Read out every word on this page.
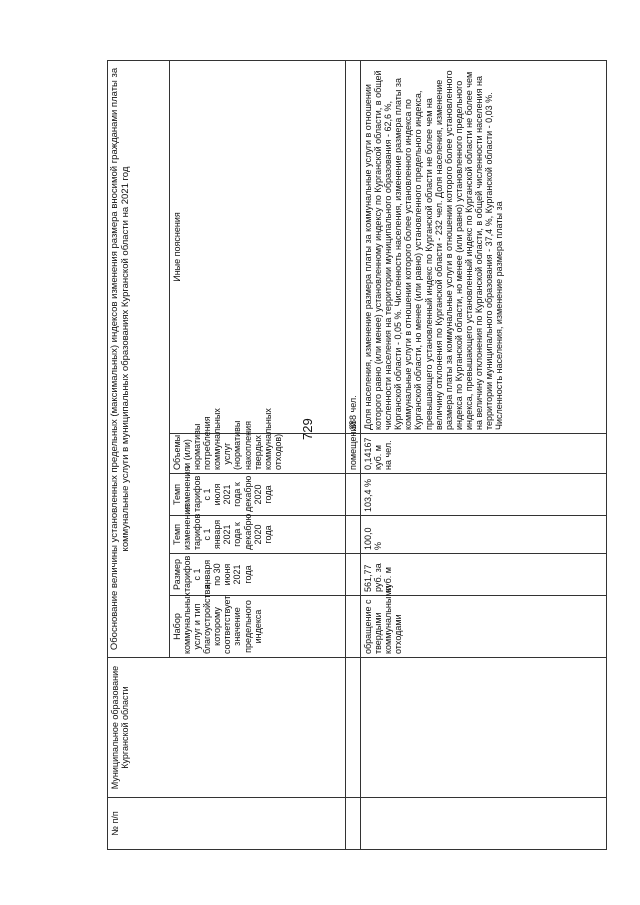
729
№ п/п	Муниципальное образование Курганской области	Обоснование величины установленных предельных (максимальных) индексов изменения размера вносимой гражданами платы за коммунальные услуги в муниципальных образованиях Курганской области на 2021 год					
		Набор коммунальных услуг и тип благоустройства, которому соответствует значение предельного индекса	Размер тарифов с 1 января по 30 июня 2021 года	Темп изменения тарифов с 1 января 2021 года к декабрю 2020 года	Темп изменения тарифов с 1 июля 2021 года к декабрю 2020 года	Объемы и (или) нормативы потребления коммунальных услуг (нормативы накопления твердых коммунальных отходов)	Иные пояснения
						помещений	388 чел.
		обращение с твердыми коммунальными отходами	561,77 руб. за куб. м	100,0 %	103,4 %	0,14167 куб. м на чел.	Доля населения, изменение размера платы за коммунальные услуги в отношении которого равно (или менее) установленному индексу по Курганской области, в общей численности населения на территории муниципального образования - 62,6 %, Курганской области - 0,05 %. Численность населения, изменение размера платы за коммунальные услуги в отношении которого более установленного индекса по Курганской области, но менее (или равно) установленного предельного индекса, превышающего установленный индекс по Курганской области не более чем на величину отклонения по Курганской области - 232 чел. Доля населения, изменение размера платы за коммунальные услуги в отношении которого более установленного индекса по Курганской области, но менее (или равно) установленного предельного индекса, превышающего установленный индекс по Курганской области не более чем на величину отклонения по Курганской области, в общей численности населения на территории муниципального образования - 37,4 %, Курганской области - 0,03 %. Численность населения, изменение размера платы за
